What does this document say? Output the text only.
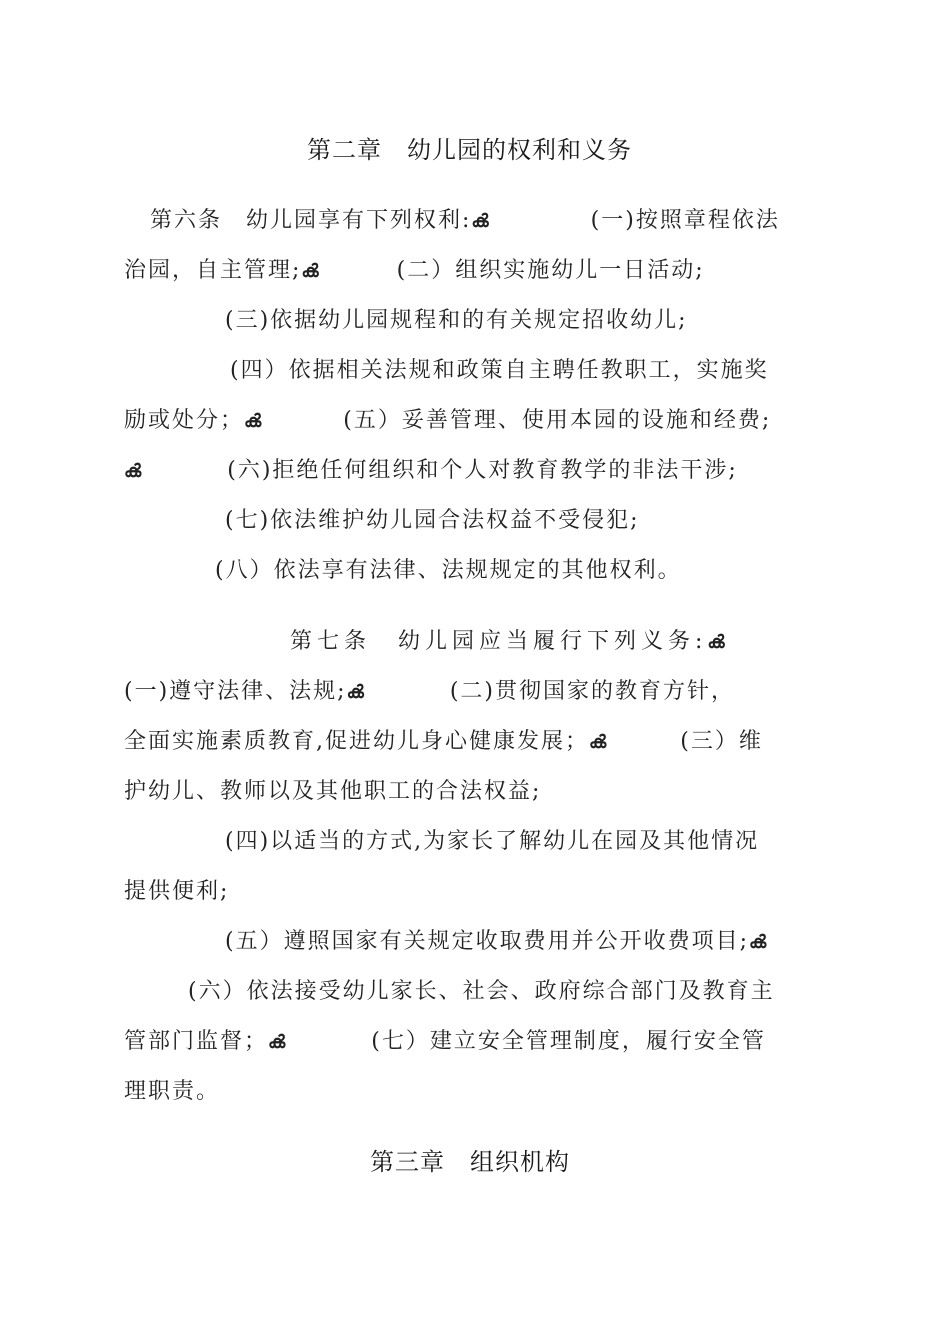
第二章　幼儿园的权利和义务
第六条　幼儿园享有下列权利:ൿ	(一)按照章程依法
治园，自主管理;ൿ	(二）组织实施幼儿一日活动;
(三)依据幼儿园规程和的有关规定招收幼儿;
(四）依据相关法规和政策自主聘任教职工，实施奖
励或处分；ൿ	(五）妥善管理、使用本园的设施和经费;
ൿ	(六)拒绝任何组织和个人对教育教学的非法干涉;
(七)依法维护幼儿园合法权益不受侵犯;
(八）依法享有法律、法规规定的其他权利。
第七条　幼儿园应当履行下列义务:ൿ
(一)遵守法律、法规;ൿ	(二)贯彻国家的教育方针，
全面实施素质教育,促进幼儿身心健康发展；ൿ	(三）维
护幼儿、教师以及其他职工的合法权益;
(四)以适当的方式,为家长了解幼儿在园及其他情况
提供便利;
(五）遵照国家有关规定收取费用并公开收费项目;ൿ
(六）依法接受幼儿家长、社会、政府综合部门及教育主
管部门监督；ൿ	(七）建立安全管理制度，履行安全管
理职责。
第三章　组织机构
